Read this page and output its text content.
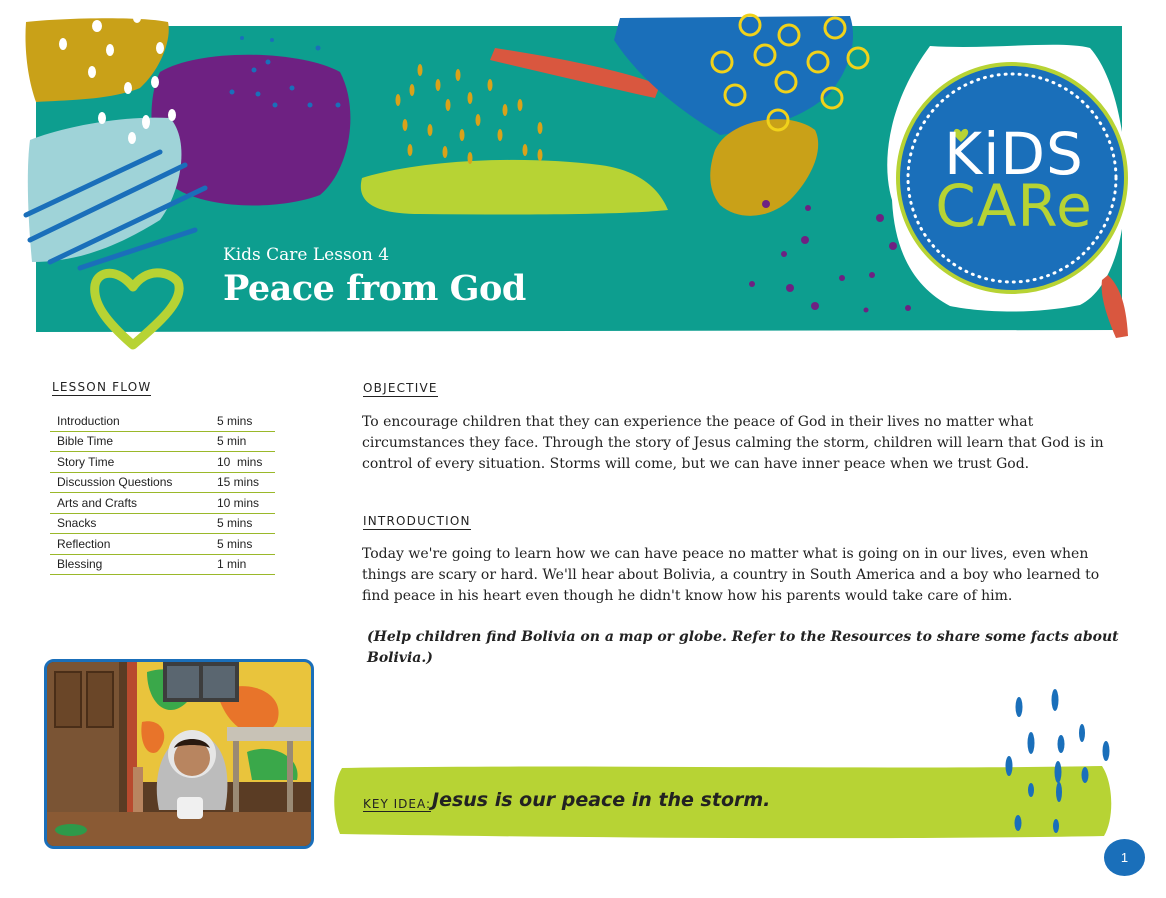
Kids Care Lesson 4
Peace from God
KiDS
CARe
LESSON FLOW
Introduction	5 mins
Bible Time	5 min
Story Time	10  mins
Discussion Questions	15 mins
Arts and Crafts	10 mins
Snacks	5 mins
Reflection	5 mins
Blessing	1 min
OBJECTIVE
To encourage children that they can experience the peace of God in their lives no matter what circumstances they face. Through the story of Jesus calming the storm, children will learn that God is in control of every situation. Storms will come, but we can have inner peace when we trust God.
INTRODUCTION
Today we're going to learn how we can have peace no matter what is going on in our lives, even when things are scary or hard. We'll hear about Bolivia, a country in South America and a boy who learned to find peace in his heart even though he didn't know how his parents would take care of him.
(Help children find Bolivia on a map or globe. Refer to the Resources to share some facts about Bolivia.)
KEY IDEA: Jesus is our peace in the storm.
1
